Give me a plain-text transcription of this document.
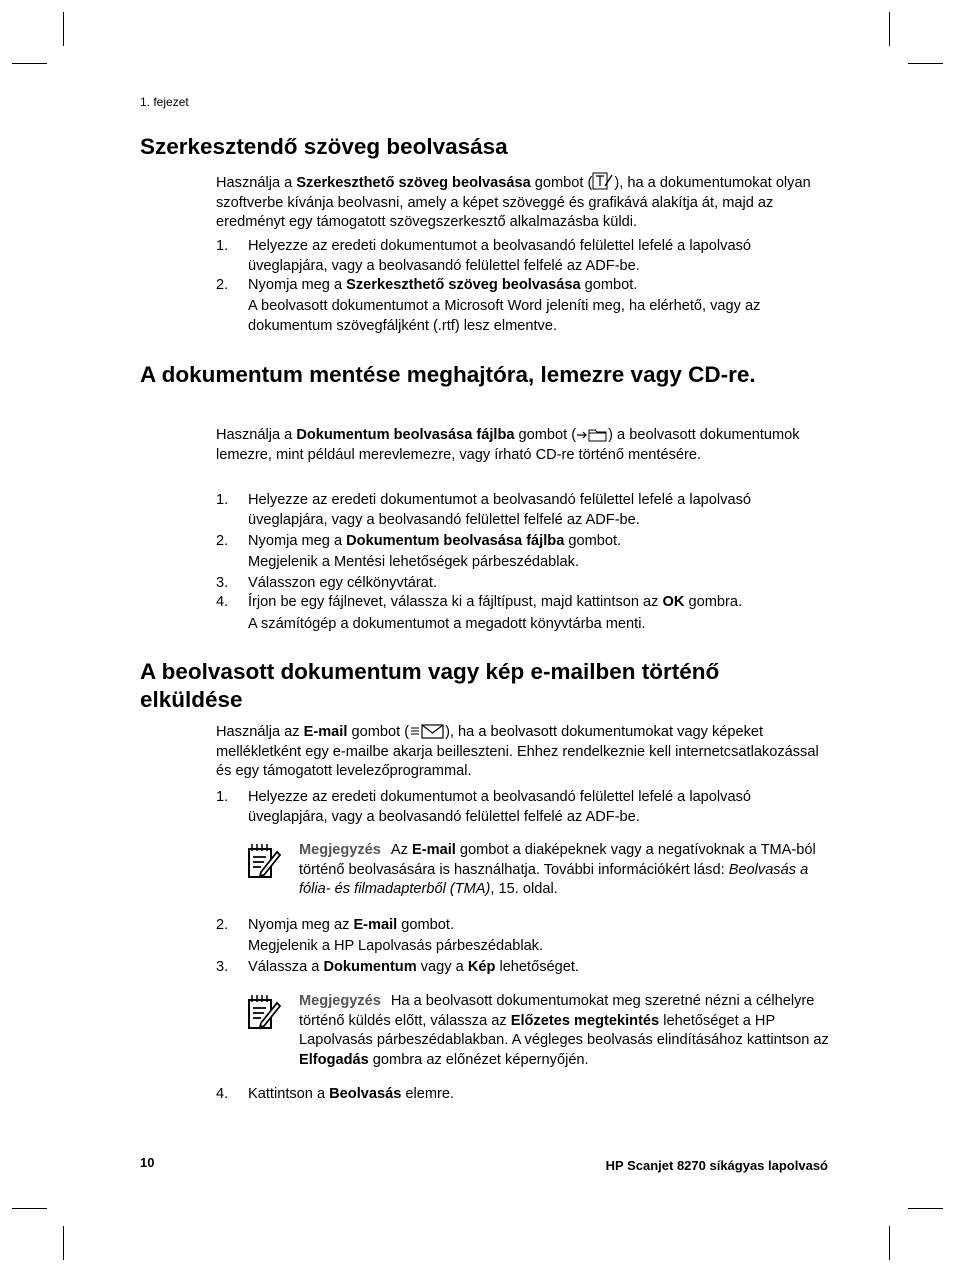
1. fejezet
Szerkesztendő szöveg beolvasása

Használja a Szerkeszthető szöveg beolvasása gombot ( ), ha a dokumentumokat olyan szoftverbe kívánja beolvasni, amely a képet szöveggé és grafikává alakítja át, majd az eredményt egy támogatott szövegszerkesztő alkalmazásba küldi.

1. Helyezze az eredeti dokumentumot a beolvasandó felülettel lefelé a lapolvasó üveglapjára, vagy a beolvasandó felülettel felfelé az ADF-be.

2. Nyomja meg a Szerkeszthető szöveg beolvasása gombot.

A beolvasott dokumentumot a Microsoft Word jeleníti meg, ha elérhető, vagy az dokumentum szövegfáljként (.rtf) lesz elmentve.

A dokumentum mentése meghajtóra, lemezre vagy CD-re.

Használja a Dokumentum beolvasása fájlba gombot ( ) a beolvasott dokumentumok lemezre, mint például merevlemezre, vagy írható CD-re történő mentésére.

1. Helyezze az eredeti dokumentumot a beolvasandó felülettel lefelé a lapolvasó üveglapjára, vagy a beolvasandó felülettel felfelé az ADF-be.

2. Nyomja meg a Dokumentum beolvasása fájlba gombot.

Megjelenik a Mentési lehetőségek párbeszédablak.

3. Válasszon egy célkönyvtárat.

4. Írjon be egy fájlnevet, válassza ki a fájltípust, majd kattintson az OK gombra.

A számítógép a dokumentumot a megadott könyvtárba menti.

A beolvasott dokumentum vagy kép e-mailben történő
elküldése

Használja az E-mail gombot ( ), ha a beolvasott dokumentumokat vagy képeket mellékletként egy e-mailbe akarja beilleszteni. Ehhez rendelkeznie kell internetcsatlakozással és egy támogatott levelezőprogrammal.

1. Helyezze az eredeti dokumentumot a beolvasandó felülettel lefelé a lapolvasó üveglapjára, vagy a beolvasandó felülettel felfelé az ADF-be.

Megjegyzés Az E-mail gombot a diaképeknek vagy a negatívoknak a TMA-ból történő beolvasására is használhatja. További információkért lásd: Beolvasás a fólia- és filmadapterből (TMA), 15. oldal.

2. Nyomja meg az E-mail gombot.

Megjelenik a HP Lapolvasás párbeszédablak.

3. Válassza a Dokumentum vagy a Kép lehetőséget.

Megjegyzés Ha a beolvasott dokumentumokat meg szeretné nézni a célhelyre történő küldés előtt, válassza az Előzetes megtekintés lehetőséget a HP Lapolvasás párbeszédablakban. A végleges beolvasás elindításához kattintson az Elfogadás gombra az előnézet képernyőjén.

4. Kattintson a Beolvasás elemre.

10	HP Scanjet 8270 síkágyas lapolvasó
